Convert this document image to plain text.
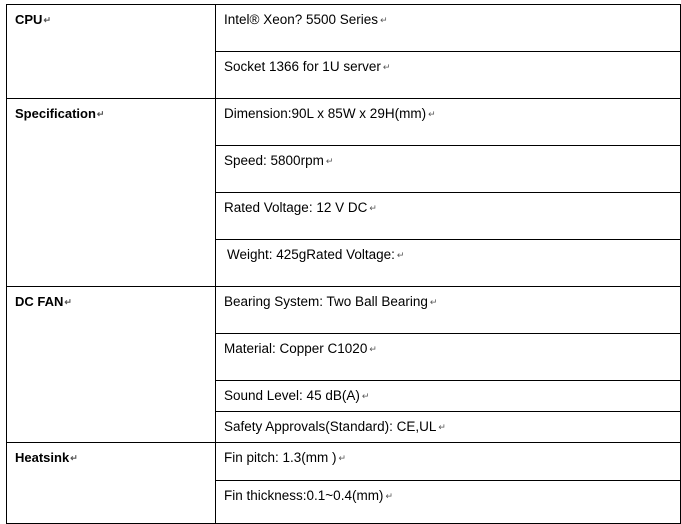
CPU↵	Intel® Xeon? 5500 Series ↵
	Socket 1366 for 1U server ↵
Specification↵	Dimension:90L x 85W x 29H(mm) ↵
	Speed: 5800rpm ↵
	Rated Voltage: 12 V DC ↵
	Weight: 425gRated Voltage: ↵
DC FAN↵	Bearing System: Two Ball Bearing ↵
	Material: Copper C1020 ↵
	Sound Level: 45 dB(A) ↵
	Safety Approvals(Standard): CE,UL ↵
Heatsink↵	Fin pitch: 1.3(mm ) ↵
	Fin thickness:0.1~0.4(mm) ↵
